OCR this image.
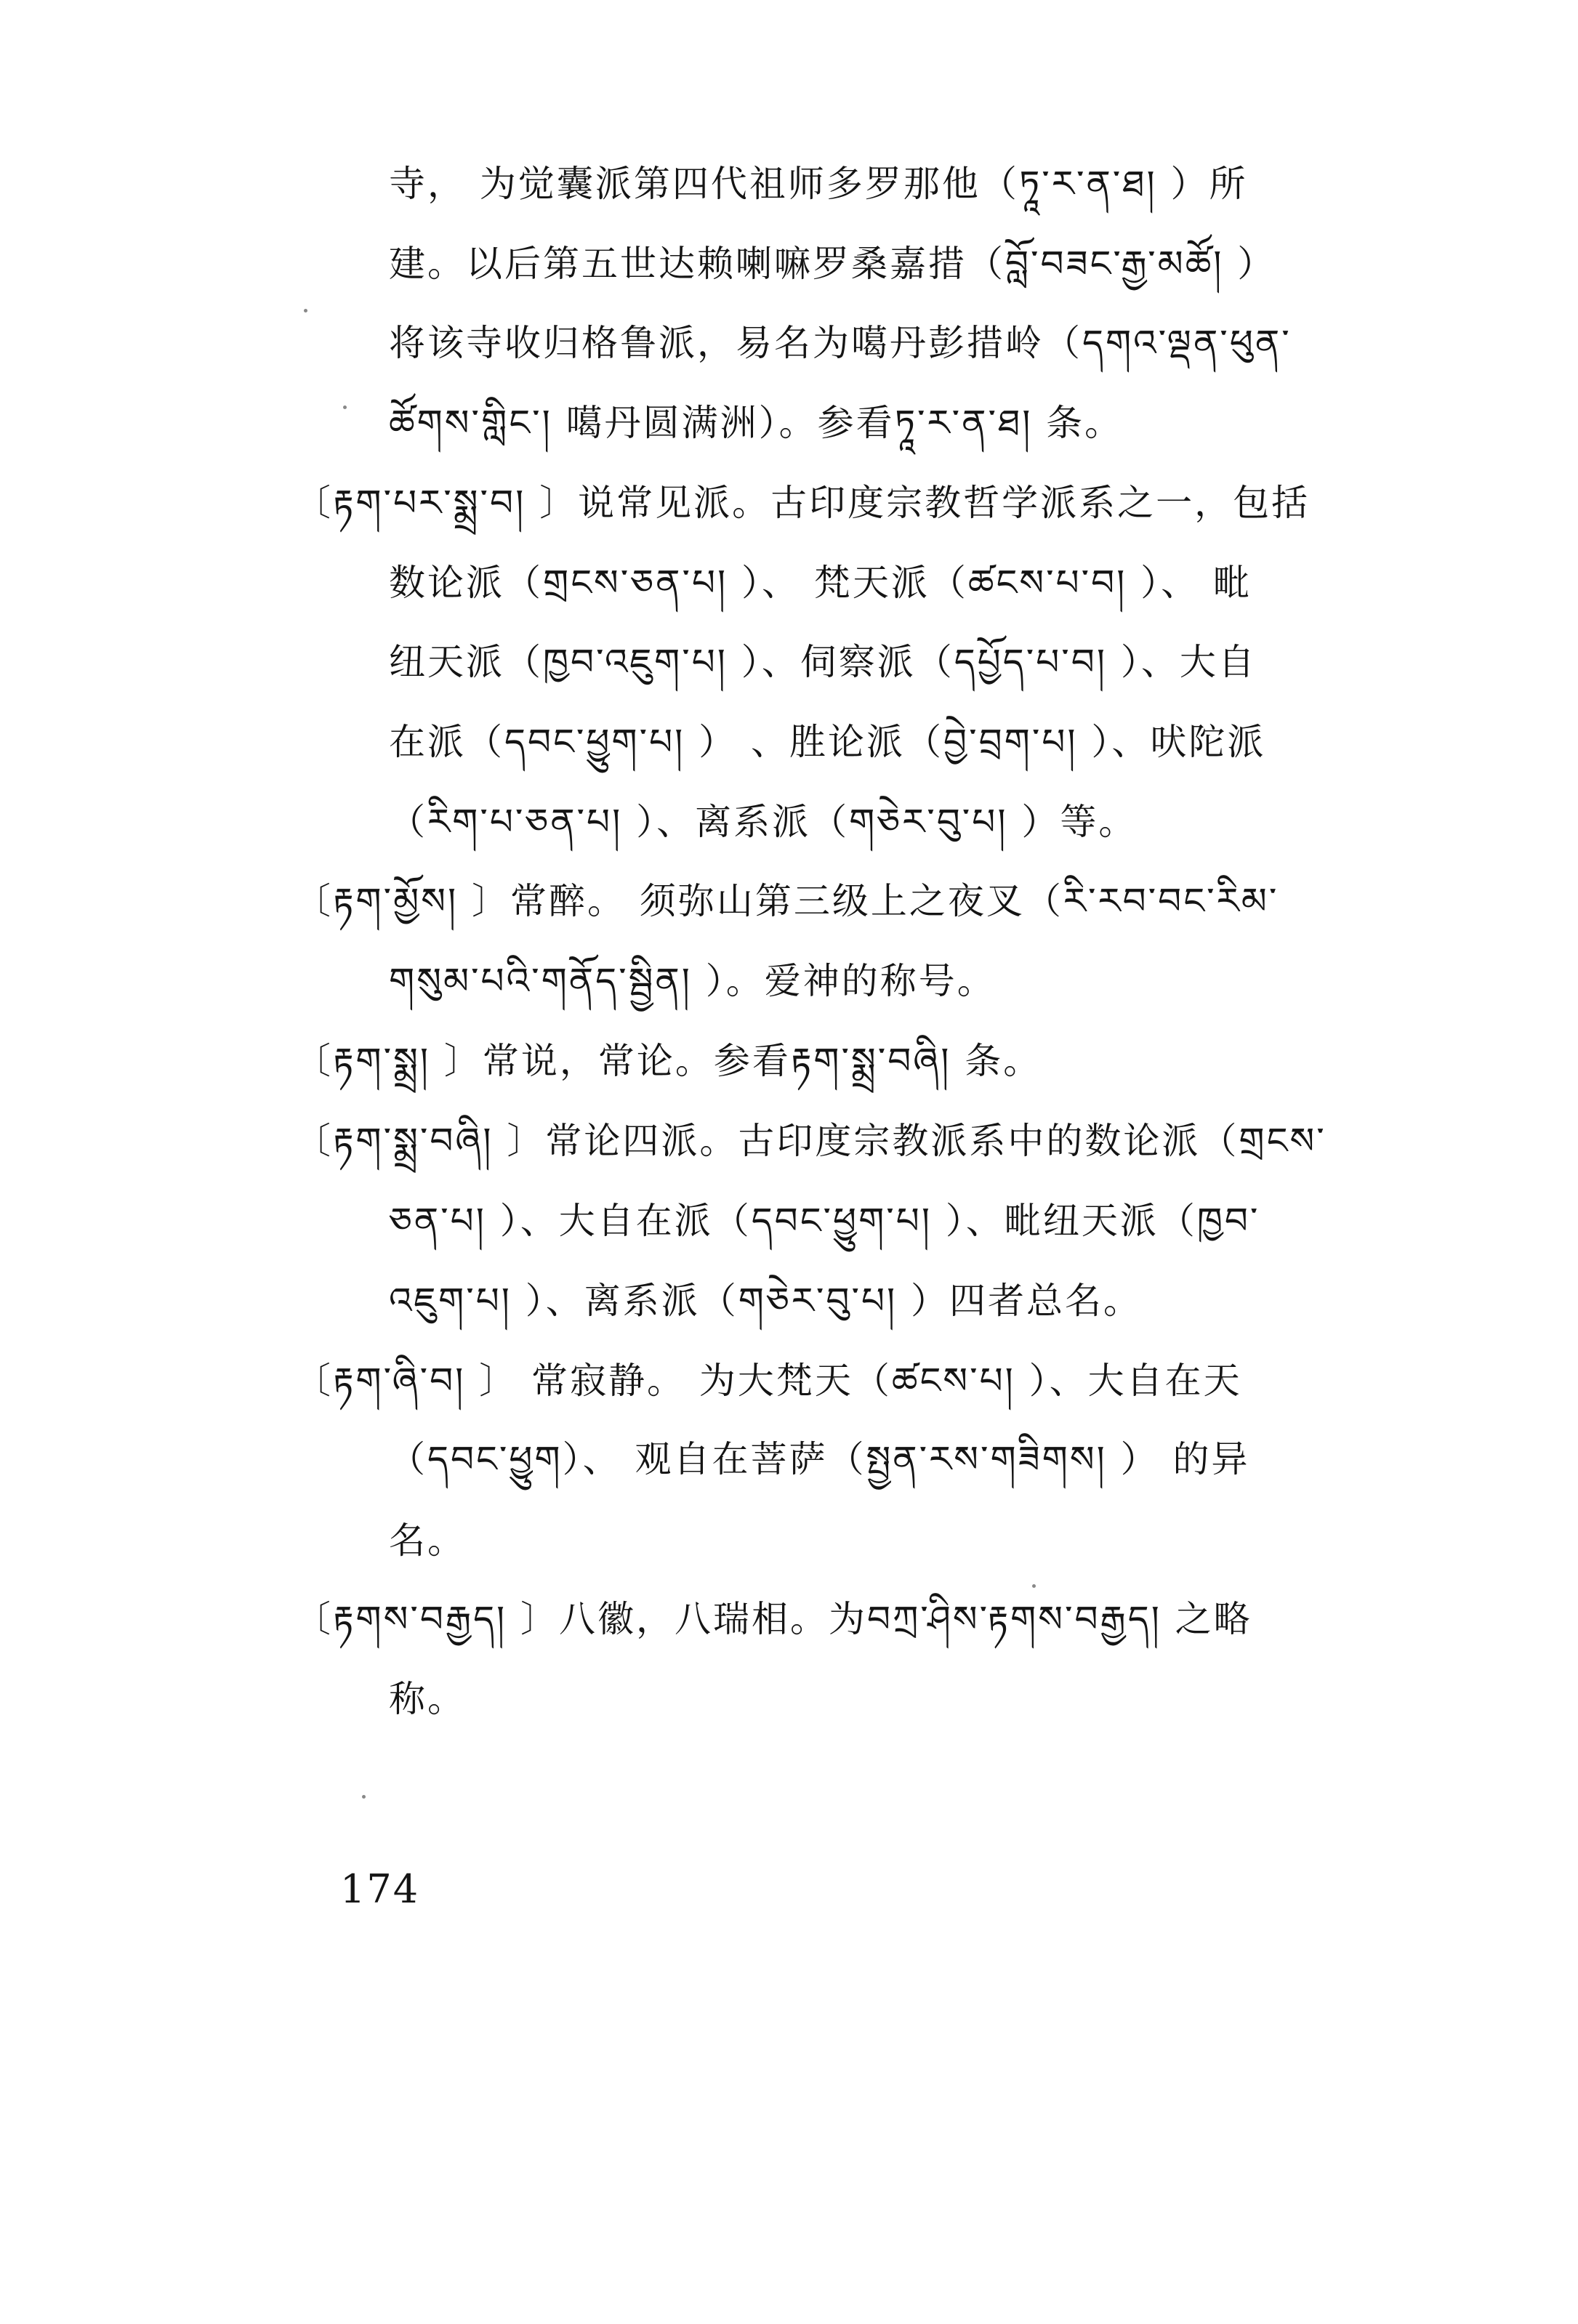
寺， 为觉囊派第四代祖师多罗那他（ཏཱ་ར་ན་ཐ། ）所
建。以后第五世达赖喇嘛罗桑嘉措（བློ་བཟང་རྒྱ་མཚོ། ）
将该寺收归格鲁派，易名为噶丹彭措岭（དགའ་ལྡན་ཕུན་
ཚོགས་གླིང་། 噶丹圆满洲）。参看ཏཱ་ར་ན་ཐ། 条。
〔རྟག་པར་སྨྲ་བ། 〕说常见派。古印度宗教哲学派系之一，包括
数论派（གྲངས་ཅན་པ། ）、 梵天派（ཚངས་པ་བ། ）、 毗
纽天派（ཁྱབ་འཇུག་པ། ）、伺察派（དཔྱོད་པ་བ། ）、大自
在派（དབང་ཕྱུག་པ། ） 、胜论派（བྱེ་བྲག་པ། ）、吠陀派
（རིག་པ་ཅན་པ། ）、离系派（གཅེར་བུ་པ། ）等。
〔རྟག་མྱོས། 〕常醉。 须弥山第三级上之夜叉（རི་རབ་བང་རིམ་
གསུམ་པའི་གནོད་སྦྱིན། ）。爱神的称号。
〔རྟག་སྨྲ། 〕常说，常论。参看རྟག་སྨྲ་བཞི། 条。
〔རྟག་སྨྲ་བཞི། 〕常论四派。古印度宗教派系中的数论派（གྲངས་
ཅན་པ། ）、大自在派（དབང་ཕྱུག་པ། ）、毗纽天派（ཁྱབ་
འཇུག་པ། ）、离系派（གཅེར་བུ་པ། ）四者总名。
〔རྟག་ཞི་བ། 〕 常寂静。 为大梵天（ཚངས་པ། ）、大自在天
（དབང་ཕྱུག）、 观自在菩萨（སྤྱན་རས་གཟིགས། ） 的异
名。
〔རྟགས་བརྒྱད། 〕八徽，八瑞相。为བཀྲ་ཤིས་རྟགས་བརྒྱད། 之略
称。
174
